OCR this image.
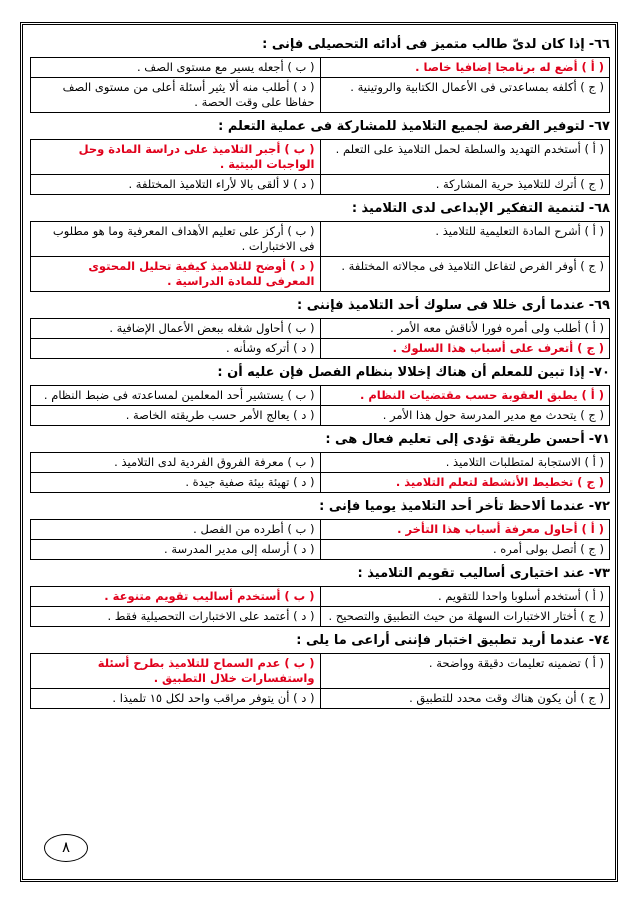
٦٦-إذا كان لدىّ طالب متميز فى أدائه التحصيلى فإنى :
( أ ) أضع له برنامجا إضافيا خاصا .	( ب ) أجعله يسير مع مستوى الصف .
( ج ) أكلفه بمساعدتى فى الأعمال الكتابية والروتينية .	( د ) أطلب منه ألا يثير أسئلة أعلى من مستوى الصف حفاظا على وقت الحصة .
٦٧-لتوفير الفرصة لجميع التلاميذ للمشاركة فى عملية التعلم :
( أ ) أستخدم التهديد والسلطة لحمل التلاميذ على التعلم .	( ب ) أجبر التلاميذ على دراسة المادة وحل الواجبات البيتية .
( ج ) أترك للتلاميذ حرية المشاركة .	( د ) لا ألقى بالا لأراء التلاميذ المختلفة .
٦٨-لتنمية التفكير الإبداعى لدى التلاميذ :
( أ ) أشرح المادة التعليمية للتلاميذ .	( ب ) أركز على تعليم الأهداف المعرفية وما هو مطلوب فى الاختبارات .
( ج ) أوفر الفرص لتفاعل التلاميذ فى مجالاته المختلفة .	( د ) أوضح للتلاميذ كيفية تحليل المحتوى المعرفى للمادة الدراسية .
٦٩-عندما أرى خللا فى سلوك أحد التلاميذ فإننى :
( أ ) أطلب ولى أمره فورا لأناقش معه الأمر .	( ب ) أحاول شغله ببعض الأعمال الإضافية .
( ج ) أتعرف على أسباب هذا السلوك .	( د ) أتركه وشأنه .
٧٠-إذا تبين للمعلم أن هناك إخلالا بنظام الفصل فإن عليه أن :
( أ ) يطبق العقوبة حسب مقتضيات النظام .	( ب ) يستشير أحد المعلمين لمساعدته فى ضبط النظام .
( ج ) يتحدث مع مدير المدرسة حول هذا الأمر .	( د ) يعالج الأمر حسب طريقته الخاصة .
٧١-أحسن طريقة تؤدى إلى تعليم فعال هى :
( أ ) الاستجابة لمتطلبات التلاميذ .	( ب ) معرفة الفروق الفردية لدى التلاميذ .
( ج ) تخطيط الأنشطة لتعلم التلاميذ .	( د ) تهيئة بيئة صفية جيدة .
٧٢-عندما ألاحظ تأخر أحد التلاميذ يوميا فإنى :
( أ ) أحاول معرفة أسباب هذا التأخر .	( ب ) أطرده من الفصل .
( ج ) أتصل بولى أمره .	( د ) أرسله إلى مدير المدرسة .
٧٣-عند اختيارى أساليب تقويم التلاميذ :
( أ ) أستخدم أسلوبا واحدا للتقويم .	( ب ) أستخدم أساليب تقويم متنوعة .
( ج ) أختار الاختبارات السهلة من حيث التطبيق والتصحيح .	( د ) أعتمد على الاختبارات التحصيلية فقط .
٧٤-عندما أريد تطبيق اختبار فإننى أراعى ما يلى :
( أ ) تضمينه تعليمات دقيقة وواضحة .	( ب ) عدم السماح للتلاميذ بطرح أسئلة واستفسارات خلال التطبيق .
( ج ) أن يكون هناك وقت محدد للتطبيق .	( د ) أن يتوفر مراقب واحد لكل ١٥ تلميذا .
٨
